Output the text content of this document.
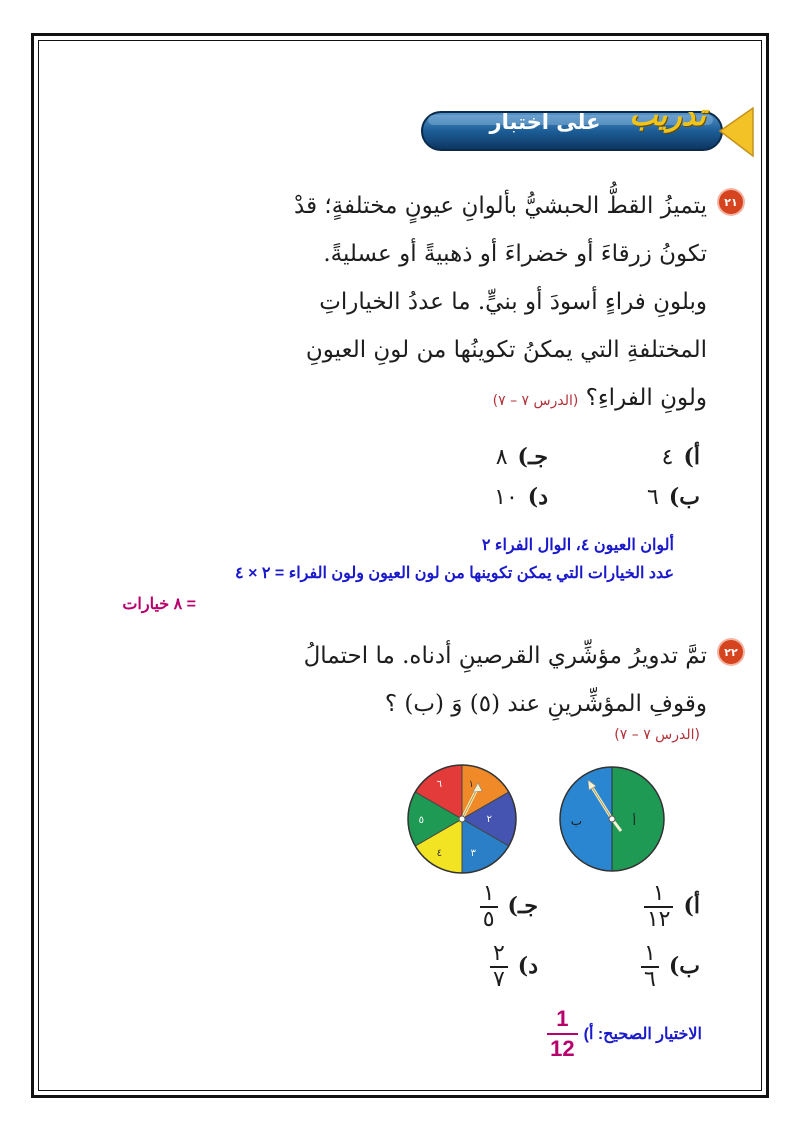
على اختبار تدريب
٢١
يتميزُ القطُّ الحبشيُّ بألوانِ عيونٍ مختلفةٍ؛ قدْ
تكونُ زرقاءَ أو خضراءَ أو ذهبيةً أو عسليةً.
وبلونِ فراءٍ أسودَ أو بنيٍّ. ما عددُ الخياراتِ
المختلفةِ التي يمكنُ تكوينُها من لونِ العيونِ
ولونِ الفراءِ؟ (الدرس ٧ – ٧)
أ)٤
جـ)٨
ب)٦
د)١٠
ألوان العيون ٤، الوال الفراء ٢
عدد الخيارات التي يمكن تكوينها من لون العيون ولون الفراء = ٢ × ٤
= ٨ خيارات
٢٢
تمَّ تدويرُ مؤشِّري القرصينِ أدناه. ما احتمالُ
وقوفِ المؤشِّرينِ عند (٥) وَ (ب) ؟
(الدرس ٧ – ٧)
١
٢
٣
٤
٥
٦
أ
ب
أ)
$\frac{١}{١٢}$
جـ)
$\frac{١}{٥}$
ب)
$\frac{١}{٦}$
د)
$\frac{٢}{٧}$
الاختيار الصحيح: أ)
$\frac{1}{12}$
